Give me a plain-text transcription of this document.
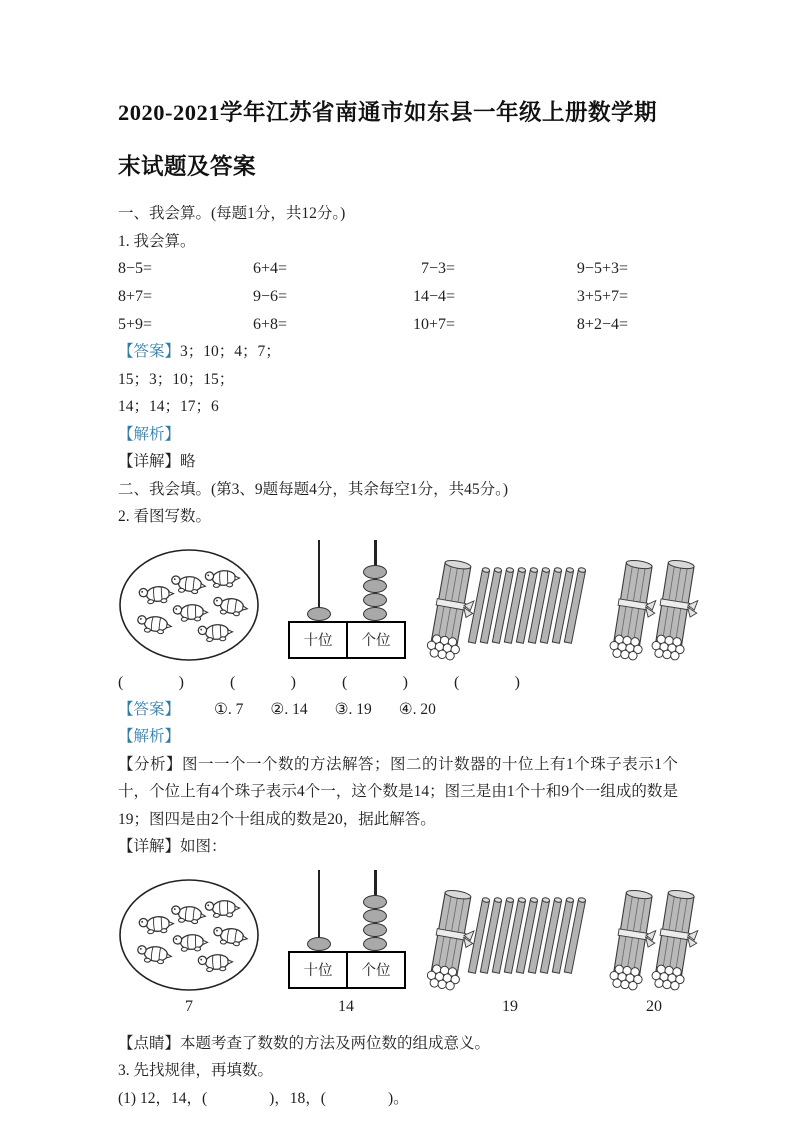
2020-2021学年江苏省南通市如东县一年级上册数学期末试题及答案

一、我会算。(每题1分，共12分。)

1. 我会算。

8−5=	6+4=	7−3=	9−5+3=
8+7=	9−6=	14−4=	3+5+7=
5+9=	6+8=	10+7=	8+2−4=

【答案】3；10；4；7；

15；3；10；15；

14；14；17；6

【解析】

【详解】略

二、我会填。(第3、9题每题4分，其余每空1分，共45分。)

2. 看图写数。

十位	个位
(	)	(	)	(	)	(	)

【答案】 ①. 7 ②. 14 ③. 19 ④. 20

【解析】

【分析】图一一个一个数的方法解答；图二的计数器的十位上有1个珠子表示1个十，个位上有4个珠子表示4个一，这个数是14；图三是由1个十和9个一组成的数是19；图四是由2个十组成的数是20，据此解答。

【详解】如图：

7
十位	个位
14	19	20

【点睛】本题考查了数数的方法及两位数的组成意义。

3. 先找规律，再填数。

(1) 12，14，(	)，18，(	)。
